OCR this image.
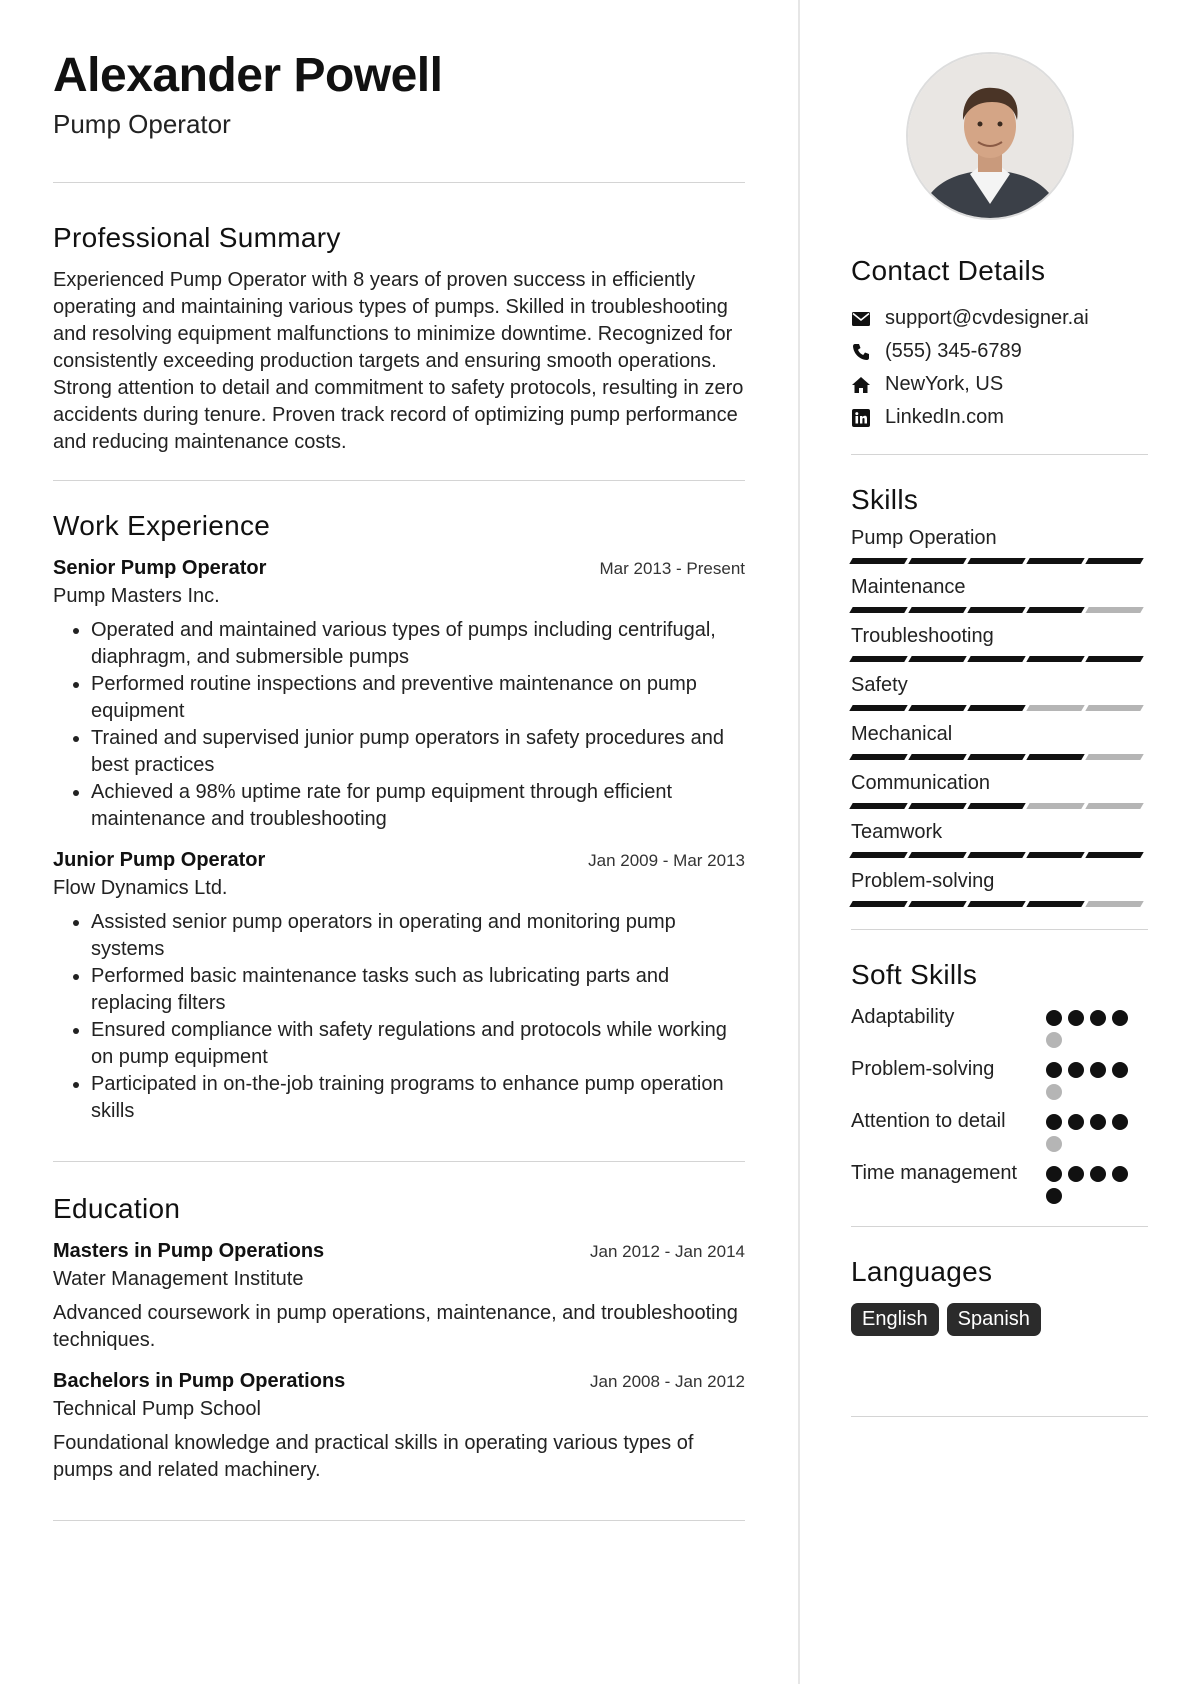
Alexander Powell
Pump Operator
Professional Summary
Experienced Pump Operator with 8 years of proven success in efficiently operating and maintaining various types of pumps. Skilled in troubleshooting and resolving equipment malfunctions to minimize downtime. Recognized for consistently exceeding production targets and ensuring smooth operations. Strong attention to detail and commitment to safety protocols, resulting in zero accidents during tenure. Proven track record of optimizing pump performance and reducing maintenance costs.
Work Experience
Senior Pump Operator	Mar 2013 - Present
Pump Masters Inc.
• Operated and maintained various types of pumps including centrifugal, diaphragm, and submersible pumps
• Performed routine inspections and preventive maintenance on pump equipment
• Trained and supervised junior pump operators in safety procedures and best practices
• Achieved a 98% uptime rate for pump equipment through efficient maintenance and troubleshooting
Junior Pump Operator	Jan 2009 - Mar 2013
Flow Dynamics Ltd.
• Assisted senior pump operators in operating and monitoring pump systems
• Performed basic maintenance tasks such as lubricating parts and replacing filters
• Ensured compliance with safety regulations and protocols while working on pump equipment
• Participated in on-the-job training programs to enhance pump operation skills
Education
Masters in Pump Operations	Jan 2012 - Jan 2014
Water Management Institute
Advanced coursework in pump operations, maintenance, and troubleshooting techniques.
Bachelors in Pump Operations	Jan 2008 - Jan 2012
Technical Pump School
Foundational knowledge and practical skills in operating various types of pumps and related machinery.
Contact Details
support@cvdesigner.ai
(555) 345-6789
NewYork, US
LinkedIn.com
Skills
Pump Operation
Maintenance
Troubleshooting
Safety
Mechanical
Communication
Teamwork
Problem-solving
Soft Skills
Adaptability
Problem-solving
Attention to detail
Time management
Languages
English	Spanish
